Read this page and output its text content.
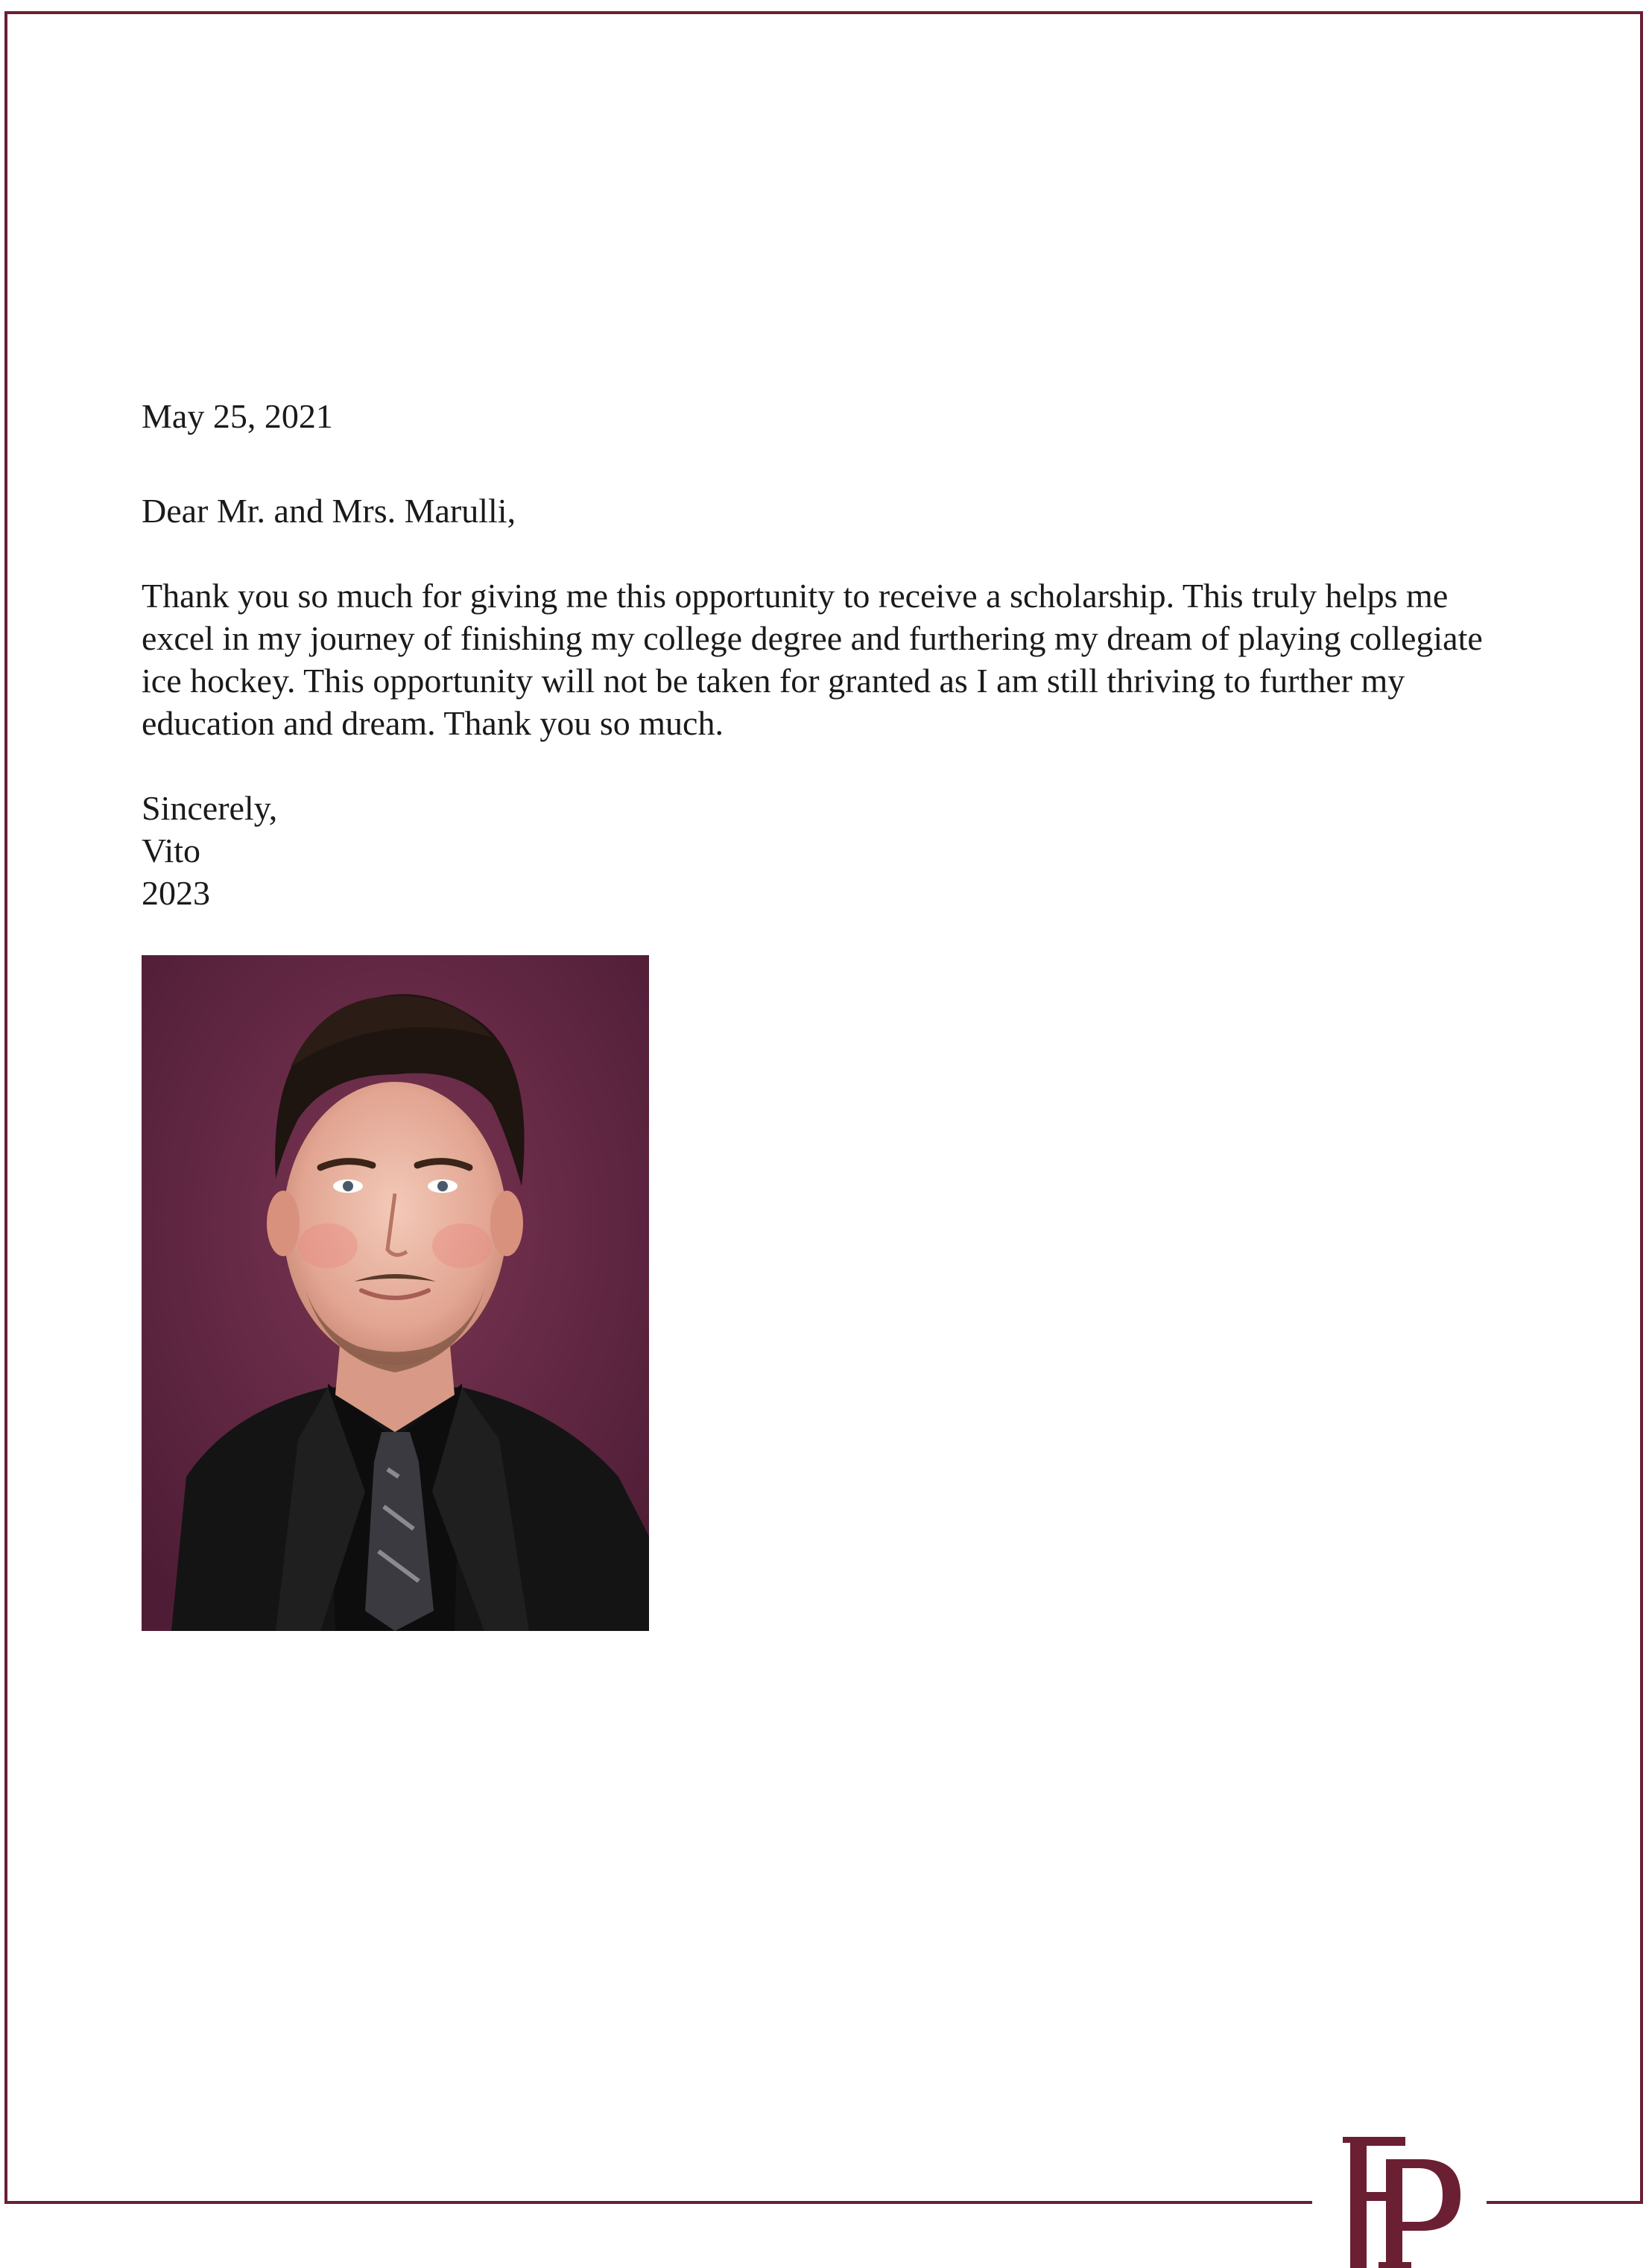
May 25, 2021

Dear Mr. and Mrs. Marulli,

Thank you so much for giving me this opportunity to receive a scholarship. This truly helps me excel in my journey of finishing my college degree and furthering my dream of playing collegiate ice hockey. This opportunity will not be taken for granted as I am still thriving to further my education and dream. Thank you so much.

Sincerely,

Vito

2023
